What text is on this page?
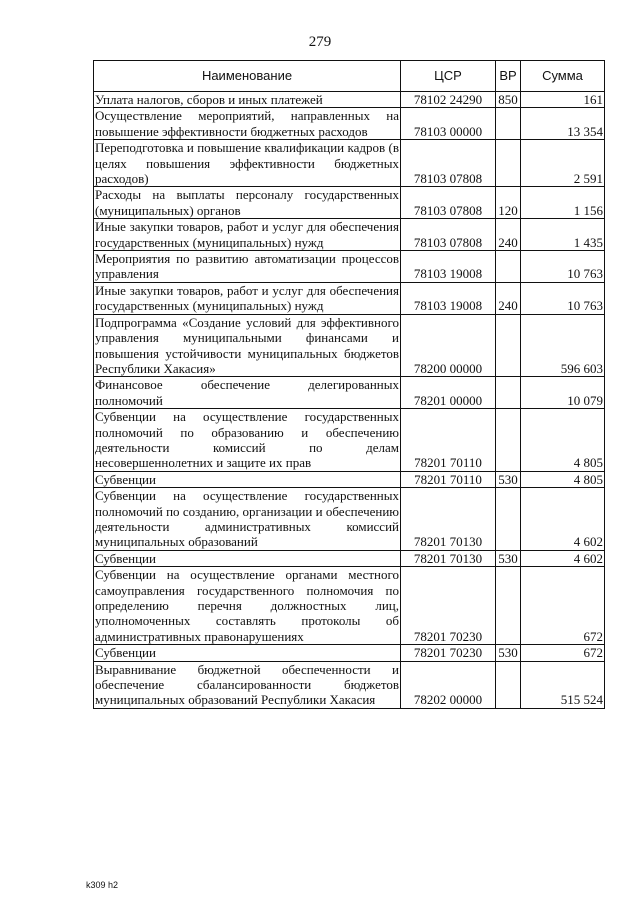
279
Наименование	ЦСР	ВР	Сумма
Уплата налогов, сборов и иных платежей	78102 24290	850	161
Осуществление мероприятий, направленных на повышение эффективности бюджетных расходов	78103 00000		13 354
Переподготовка и повышение квалификации кадров (в целях повышения эффективности бюджетных расходов)	78103 07808		2 591
Расходы на выплаты персоналу государственных (муниципальных) органов	78103 07808	120	1 156
Иные закупки товаров, работ и услуг для обеспечения государственных (муниципальных) нужд	78103 07808	240	1 435
Мероприятия по развитию автоматизации процессов управления	78103 19008		10 763
Иные закупки товаров, работ и услуг для обеспечения государственных (муниципальных) нужд	78103 19008	240	10 763
Подпрограмма «Создание условий для эффективного управления муниципальными финансами и повышения устойчивости муниципальных бюджетов Республики Хакасия»	78200 00000		596 603
Финансовое обеспечение делегированных полномочий	78201 00000		10 079
Субвенции на осуществление государственных полномочий по образованию и обеспечению деятельности комиссий по делам несовершеннолетних и защите их прав	78201 70110		4 805
Субвенции	78201 70110	530	4 805
Субвенции на осуществление государственных полномочий по созданию, организации и обеспечению деятельности административных комиссий муниципальных образований	78201 70130		4 602
Субвенции	78201 70130	530	4 602
Субвенции на осуществление органами местного самоуправления государственного полномочия по определению перечня должностных лиц, уполномоченных составлять протоколы об административных правонарушениях	78201 70230		672
Субвенции	78201 70230	530	672
Выравнивание бюджетной обеспеченности и обеспечение сбалансированности бюджетов муниципальных образований Республики Хакасия	78202 00000		515 524
k309 h2
